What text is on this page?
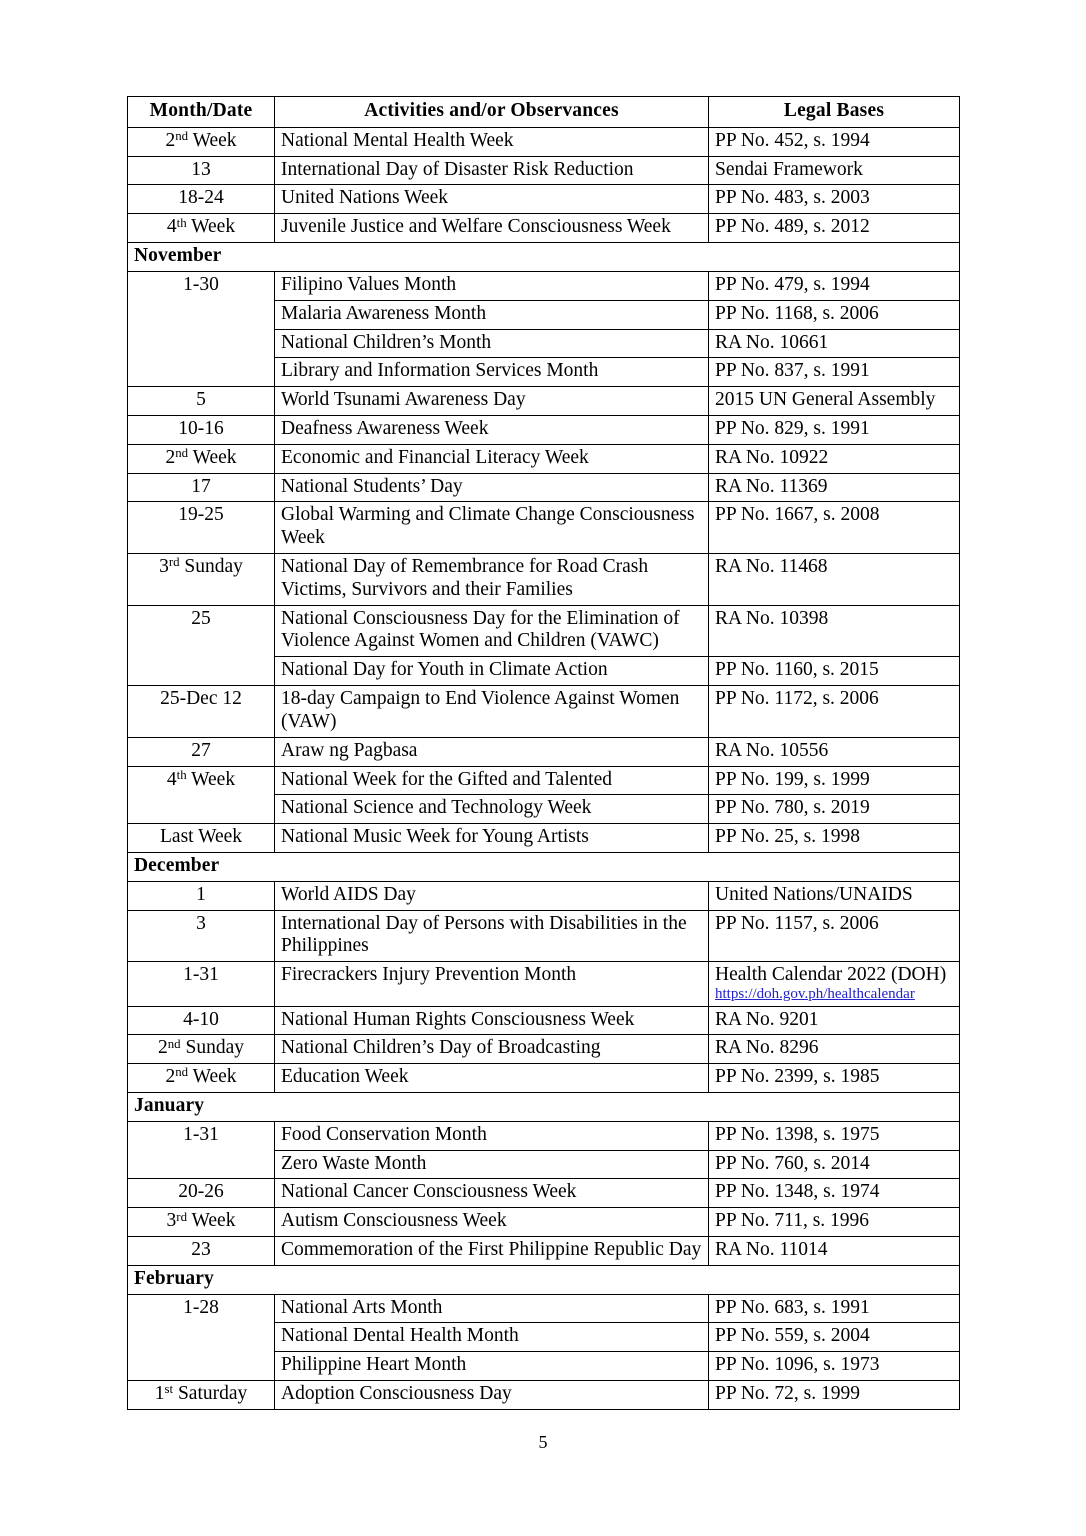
Month/Date	Activities and/or Observances	Legal Bases
2nd Week	National Mental Health Week	PP No. 452, s. 1994
13	International Day of Disaster Risk Reduction	Sendai Framework
18-24	United Nations Week	PP No. 483, s. 2003
4th Week	Juvenile Justice and Welfare Consciousness Week	PP No. 489, s. 2012
November		
1-30	Filipino Values Month	PP No. 479, s. 1994
	Malaria Awareness Month	PP No. 1168, s. 2006
	National Children’s Month	RA No. 10661
	Library and Information Services Month	PP No. 837, s. 1991
5	World Tsunami Awareness Day	2015 UN General Assembly
10-16	Deafness Awareness Week	PP No. 829, s. 1991
2nd Week	Economic and Financial Literacy Week	RA No. 10922
17	National Students’ Day	RA No. 11369
19-25	Global Warming and Climate Change Consciousness Week	PP No. 1667, s. 2008
3rd Sunday	National Day of Remembrance for Road Crash Victims, Survivors and their Families	RA No. 11468
25	National Consciousness Day for the Elimination of Violence Against Women and Children (VAWC)	RA No. 10398
	National Day for Youth in Climate Action	PP No. 1160, s. 2015
25-Dec 12	18-day Campaign to End Violence Against Women (VAW)	PP No. 1172, s. 2006
27	Araw ng Pagbasa	RA No. 10556
4th Week	National Week for the Gifted and Talented	PP No. 199, s. 1999
	National Science and Technology Week	PP No. 780, s. 2019
Last Week	National Music Week for Young Artists	PP No. 25, s. 1998
December		
1	World AIDS Day	United Nations/UNAIDS
3	International Day of Persons with Disabilities in the Philippines	PP No. 1157, s. 2006
1-31	Firecrackers Injury Prevention Month	Health Calendar 2022 (DOH)
https://doh.gov.ph/healthcalendar

4-10	National Human Rights Consciousness Week	RA No. 9201
2nd Sunday	National Children’s Day of Broadcasting	RA No. 8296
2nd Week	Education Week	PP No. 2399, s. 1985
January		
1-31	Food Conservation Month	PP No. 1398, s. 1975
	Zero Waste Month	PP No. 760, s. 2014
20-26	National Cancer Consciousness Week	PP No. 1348, s. 1974
3rd Week	Autism Consciousness Week	PP No. 711, s. 1996
23	Commemoration of the First Philippine Republic Day	RA No. 11014
February		
1-28	National Arts Month	PP No. 683, s. 1991
	National Dental Health Month	PP No. 559, s. 2004
	Philippine Heart Month	PP No. 1096, s. 1973
1st Saturday	Adoption Consciousness Day	PP No. 72, s. 1999
5
